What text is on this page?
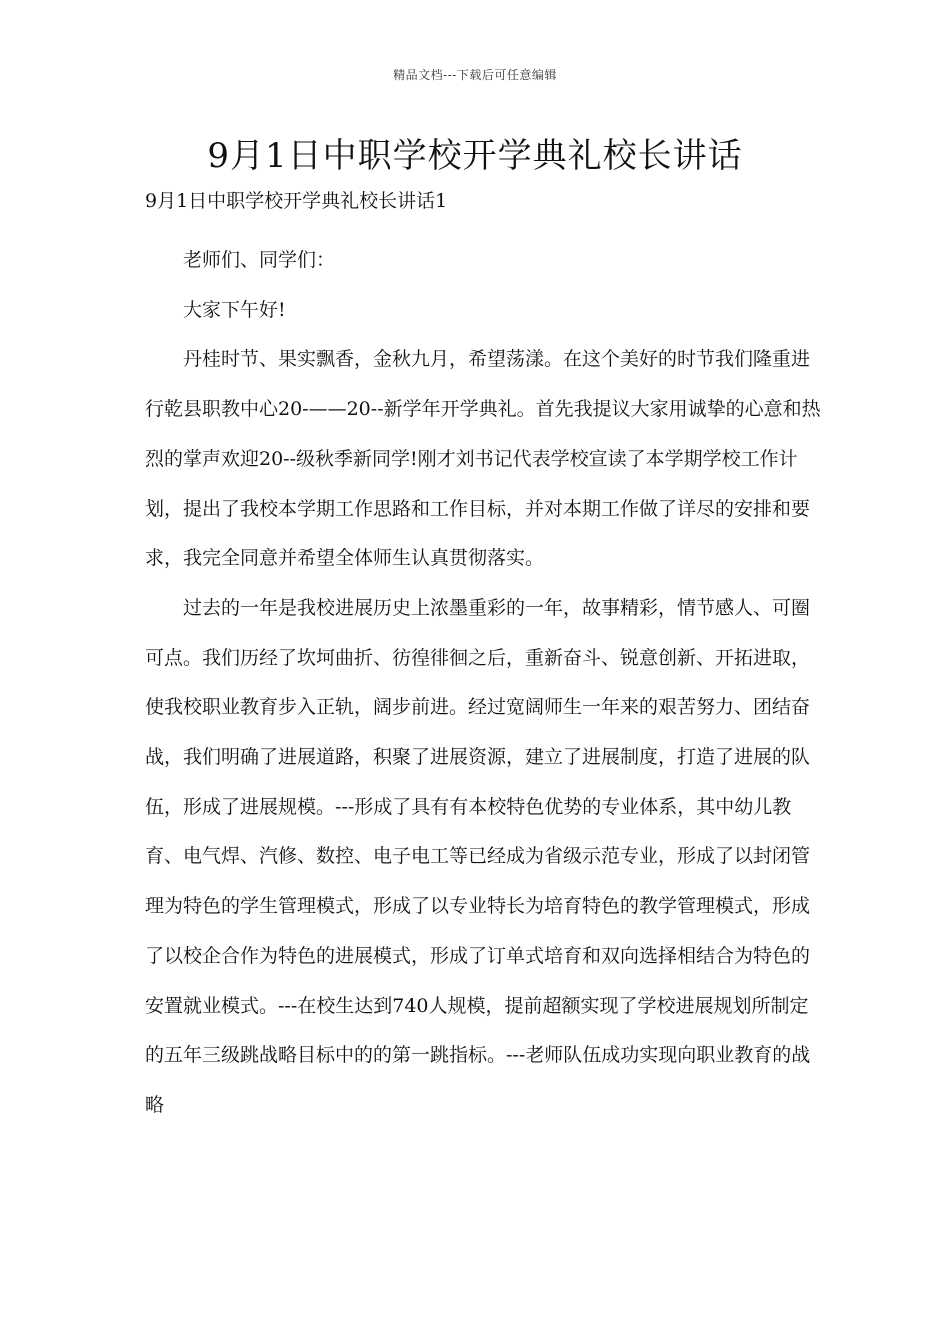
精品文档---下载后可任意编辑
9月1日中职学校开学典礼校长讲话
9月1日中职学校开学典礼校长讲话1

老师们、同学们：

大家下午好!

丹桂时节、果实飘香，金秋九月，希望荡漾。在这个美好的时节我们隆重进行乾县职教中心20-——20--新学年开学典礼。首先我提议大家用诚挚的心意和热烈的掌声欢迎20--级秋季新同学!刚才刘书记代表学校宣读了本学期学校工作计划，提出了我校本学期工作思路和工作目标，并对本期工作做了详尽的安排和要求，我完全同意并希望全体师生认真贯彻落实。

过去的一年是我校进展历史上浓墨重彩的一年，故事精彩，情节感人、可圈可点。我们历经了坎坷曲折、彷徨徘徊之后，重新奋斗、锐意创新、开拓进取，使我校职业教育步入正轨，阔步前进。经过宽阔师生一年来的艰苦努力、团结奋战，我们明确了进展道路，积聚了进展资源，建立了进展制度，打造了进展的队伍，形成了进展规模。---形成了具有有本校特色优势的专业体系，其中幼儿教育、电气焊、汽修、数控、电子电工等已经成为省级示范专业，形成了以封闭管理为特色的学生管理模式，形成了以专业特长为培育特色的教学管理模式，形成了以校企合作为特色的进展模式，形成了订单式培育和双向选择相结合为特色的安置就业模式。---在校生达到740人规模，提前超额实现了学校进展规划所制定的五年三级跳战略目标中的的第一跳指标。---老师队伍成功实现向职业教育的战略
